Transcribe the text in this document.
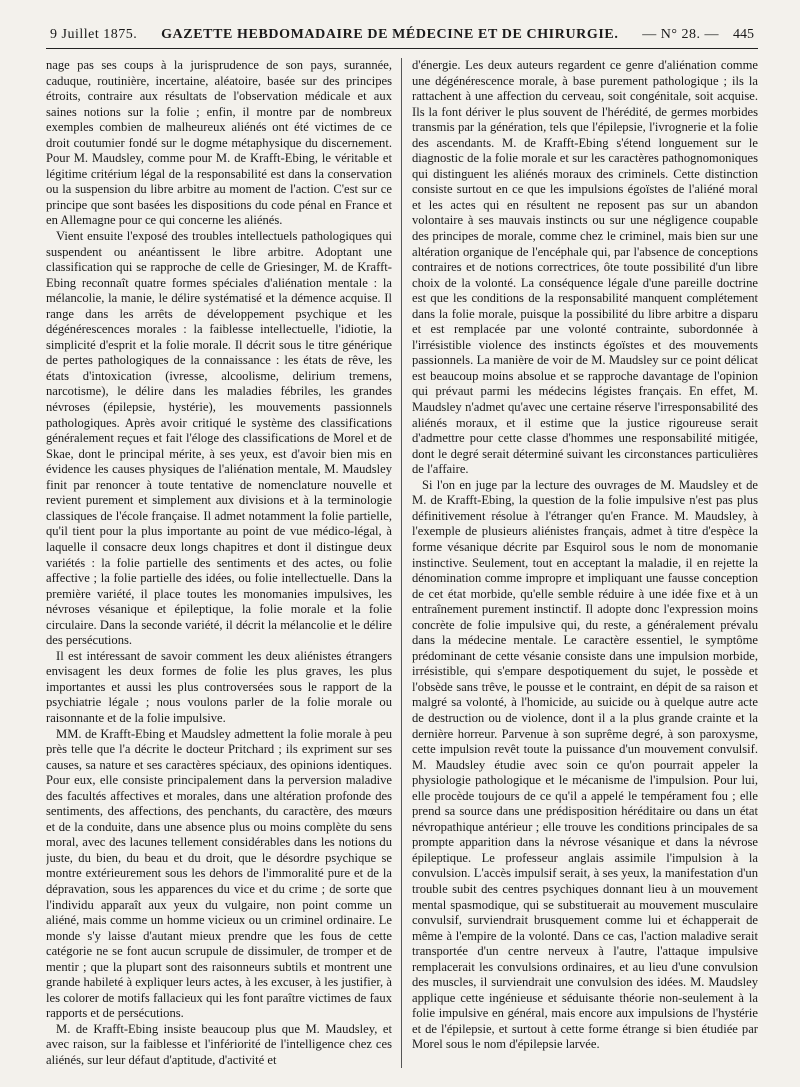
9 Juillet 1875. GAZETTE HEBDOMADAIRE DE MÉDECINE ET DE CHIRURGIE. — N° 28. — 445

nage pas ses coups à la jurisprudence de son pays, surannée, caduque, routinière, incertaine, aléatoire, basée sur des principes étroits, contraire aux résultats de l'observation médicale et aux saines notions sur la folie ; enfin, il montre par de nombreux exemples combien de malheureux aliénés ont été victimes de ce droit coutumier fondé sur le dogme métaphysique du discernement. Pour M. Maudsley, comme pour M. de Krafft-Ebing, le véritable et légitime critérium légal de la responsabilité est dans la conservation ou la suspension du libre arbitre au moment de l'action. C'est sur ce principe que sont basées les dispositions du code pénal en France et en Allemagne pour ce qui concerne les aliénés.

Vient ensuite l'exposé des troubles intellectuels pathologiques qui suspendent ou anéantissent le libre arbitre. Adoptant une classification qui se rapproche de celle de Griesinger, M. de Krafft-Ebing reconnaît quatre formes spéciales d'aliénation mentale : la mélancolie, la manie, le délire systématisé et la démence acquise. Il range dans les arrêts de développement psychique et les dégénérescences morales : la faiblesse intellectuelle, l'idiotie, la simplicité d'esprit et la folie morale. Il décrit sous le titre générique de pertes pathologiques de la connaissance : les états de rêve, les états d'intoxication (ivresse, alcoolisme, delirium tremens, narcotisme), le délire dans les maladies fébriles, les grandes névroses (épilepsie, hystérie), les mouvements passionnels pathologiques. Après avoir critiqué le système des classifications généralement reçues et fait l'éloge des classifications de Morel et de Skae, dont le principal mérite, à ses yeux, est d'avoir bien mis en évidence les causes physiques de l'aliénation mentale, M. Maudsley finit par renoncer à toute tentative de nomenclature nouvelle et revient purement et simplement aux divisions et à la terminologie classiques de l'école française. Il admet notamment la folie partielle, qu'il tient pour la plus importante au point de vue médico-légal, à laquelle il consacre deux longs chapitres et dont il distingue deux variétés : la folie partielle des sentiments et des actes, ou folie affective ; la folie partielle des idées, ou folie intellectuelle. Dans la première variété, il place toutes les monomanies impulsives, les névroses vésanique et épileptique, la folie morale et la folie circulaire. Dans la seconde variété, il décrit la mélancolie et le délire des persécutions.

Il est intéressant de savoir comment les deux aliénistes étrangers envisagent les deux formes de folie les plus graves, les plus importantes et aussi les plus controversées sous le rapport de la psychiatrie légale ; nous voulons parler de la folie morale ou raisonnante et de la folie impulsive.

MM. de Krafft-Ebing et Maudsley admettent la folie morale à peu près telle que l'a décrite le docteur Pritchard ; ils expriment sur ses causes, sa nature et ses caractères spéciaux, des opinions identiques. Pour eux, elle consiste principalement dans la perversion maladive des facultés affectives et morales, dans une altération profonde des sentiments, des affections, des penchants, du caractère, des mœurs et de la conduite, dans une absence plus ou moins complète du sens moral, avec des lacunes tellement considérables dans les notions du juste, du bien, du beau et du droit, que le désordre psychique se montre extérieurement sous les dehors de l'immoralité pure et de la dépravation, sous les apparences du vice et du crime ; de sorte que l'individu apparaît aux yeux du vulgaire, non point comme un aliéné, mais comme un homme vicieux ou un criminel ordinaire. Le monde s'y laisse d'autant mieux prendre que les fous de cette catégorie ne se font aucun scrupule de dissimuler, de tromper et de mentir ; que la plupart sont des raisonneurs subtils et montrent une grande habileté à expliquer leurs actes, à les excuser, à les justifier, à les colorer de motifs fallacieux qui les font paraître victimes de faux rapports et de persécutions.

M. de Krafft-Ebing insiste beaucoup plus que M. Maudsley, et avec raison, sur la faiblesse et l'infériorité de l'intelligence chez ces aliénés, sur leur défaut d'aptitude, d'activité et

d'énergie. Les deux auteurs regardent ce genre d'aliénation comme une dégénérescence morale, à base purement pathologique ; ils la rattachent à une affection du cerveau, soit congénitale, soit acquise. Ils la font dériver le plus souvent de l'hérédité, de germes morbides transmis par la génération, tels que l'épilepsie, l'ivrognerie et la folie des ascendants. M. de Krafft-Ebing s'étend longuement sur le diagnostic de la folie morale et sur les caractères pathognomoniques qui distinguent les aliénés moraux des criminels. Cette distinction consiste surtout en ce que les impulsions égoïstes de l'aliéné moral et les actes qui en résultent ne reposent pas sur un abandon volontaire à ses mauvais instincts ou sur une négligence coupable des principes de morale, comme chez le criminel, mais bien sur une altération organique de l'encéphale qui, par l'absence de conceptions contraires et de notions correctrices, ôte toute possibilité d'un libre choix de la volonté. La conséquence légale d'une pareille doctrine est que les conditions de la responsabilité manquent complétement dans la folie morale, puisque la possibilité du libre arbitre a disparu et est remplacée par une volonté contrainte, subordonnée à l'irrésistible violence des instincts égoïstes et des mouvements passionnels. La manière de voir de M. Maudsley sur ce point délicat est beaucoup moins absolue et se rapproche davantage de l'opinion qui prévaut parmi les médecins légistes français. En effet, M. Maudsley n'admet qu'avec une certaine réserve l'irresponsabilité des aliénés moraux, et il estime que la justice rigoureuse serait d'admettre pour cette classe d'hommes une responsabilité mitigée, dont le degré serait déterminé suivant les circonstances particulières de l'affaire.

Si l'on en juge par la lecture des ouvrages de M. Maudsley et de M. de Krafft-Ebing, la question de la folie impulsive n'est pas plus définitivement résolue à l'étranger qu'en France. M. Maudsley, à l'exemple de plusieurs aliénistes français, admet à titre d'espèce la forme vésanique décrite par Esquirol sous le nom de monomanie instinctive. Seulement, tout en acceptant la maladie, il en rejette la dénomination comme impropre et impliquant une fausse conception de cet état morbide, qu'elle semble réduire à une idée fixe et à un entraînement purement instinctif. Il adopte donc l'expression moins concrète de folie impulsive qui, du reste, a généralement prévalu dans la médecine mentale. Le caractère essentiel, le symptôme prédominant de cette vésanie consiste dans une impulsion morbide, irrésistible, qui s'empare despotiquement du sujet, le possède et l'obsède sans trêve, le pousse et le contraint, en dépit de sa raison et malgré sa volonté, à l'homicide, au suicide ou à quelque autre acte de destruction ou de violence, dont il a la plus grande crainte et la dernière horreur. Parvenue à son suprême degré, à son paroxysme, cette impulsion revêt toute la puissance d'un mouvement convulsif. M. Maudsley étudie avec soin ce qu'on pourrait appeler la physiologie pathologique et le mécanisme de l'impulsion. Pour lui, elle procède toujours de ce qu'il a appelé le tempérament fou ; elle prend sa source dans une prédisposition héréditaire ou dans un état névropathique antérieur ; elle trouve les conditions principales de sa prompte apparition dans la névrose vésanique et dans la névrose épileptique. Le professeur anglais assimile l'impulsion à la convulsion. L'accès impulsif serait, à ses yeux, la manifestation d'un trouble subit des centres psychiques donnant lieu à un mouvement mental spasmodique, qui se substituerait au mouvement musculaire convulsif, surviendrait brusquement comme lui et échapperait de même à l'empire de la volonté. Dans ce cas, l'action maladive serait transportée d'un centre nerveux à l'autre, l'attaque impulsive remplacerait les convulsions ordinaires, et au lieu d'une convulsion des muscles, il surviendrait une convulsion des idées. M. Maudsley applique cette ingénieuse et séduisante théorie non-seulement à la folie impulsive en général, mais encore aux impulsions de l'hystérie et de l'épilepsie, et surtout à cette forme étrange si bien étudiée par Morel sous le nom d'épilepsie larvée.
